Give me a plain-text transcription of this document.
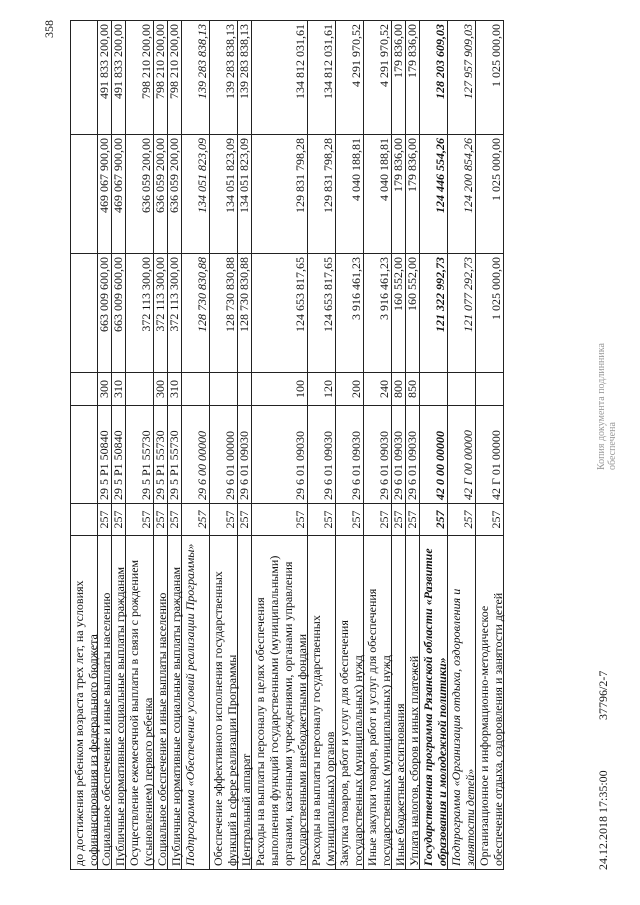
358
до достижения ребенком возраста трех лет, на условиях софинансирования из федерального бюджета Социальное обеспечение и иные выплаты населению
257
29 5 P1 50840
300
663 009 600,00
469 067 900,00
491 833 200,00
Публичные нормативные социальные выплаты гражданам
257
29 5 P1 50840
310
663 009 600,00
469 067 900,00
491 833 200,00
Осуществление ежемесячной выплаты в связи с рождением (усыновлением) первого ребенка
257
29 5 P1 55730
372 113 300,00
636 059 200,00
798 210 200,00
Социальное обеспечение и иные выплаты населению
257
29 5 P1 55730
300
372 113 300,00
636 059 200,00
798 210 200,00
Публичные нормативные социальные выплаты гражданам
257
29 5 P1 55730
310
372 113 300,00
636 059 200,00
798 210 200,00
Подпрограмма «Обеспечение условий реализации Программы»
257
29 6 00 00000
128 730 830,88
134 051 823,09
139 283 838,13
Обеспечение эффективного исполнения государственных функций в сфере реализации Программы
257
29 6 01 00000
128 730 830,88
134 051 823,09
139 283 838,13
Центральный аппарат
257
29 6 01 09030
128 730 830,88
134 051 823,09
139 283 838,13
Расходы на выплаты персоналу в целях обеспечения выполнения функций государственными (муниципальными) органами, казенными учреждениями, органами управления государственными внебюджетными фондами
257
29 6 01 09030
100
124 653 817,65
129 831 798,28
134 812 031,61
Расходы на выплаты персоналу государственных (муниципальных) органов
257
29 6 01 09030
120
124 653 817,65
129 831 798,28
134 812 031,61
Закупка товаров, работ и услуг для обеспечения государственных (муниципальных) нужд
257
29 6 01 09030
200
3 916 461,23
4 040 188,81
4 291 970,52
Иные закупки товаров, работ и услуг для обеспечения государственных (муниципальных) нужд
257
29 6 01 09030
240
3 916 461,23
4 040 188,81
4 291 970,52
Иные бюджетные ассигнования
257
29 6 01 09030
800
160 552,00
179 836,00
179 836,00
Уплата налогов, сборов и иных платежей
257
29 6 01 09030
850
160 552,00
179 836,00
179 836,00
Государственная программа Рязанской области «Развитие образования и молодежной политики»
257
42 0 00 00000
121 322 992,73
124 446 554,26
128 203 609,03
Подпрограмма «Организация отдыха, оздоровления и занятости детей»
257
42 Г 00 00000
121 077 292,73
124 200 854,26
127 957 909,03
Организационное и информационно-методическое обеспечение отдыха, оздоровления и занятости детей
257
42 Г 01 00000
1 025 000,00
1 025 000,00
1 025 000,00
24.12.2018 17:35:00
37796/2-7
Копия документа подлинника обеспечена
